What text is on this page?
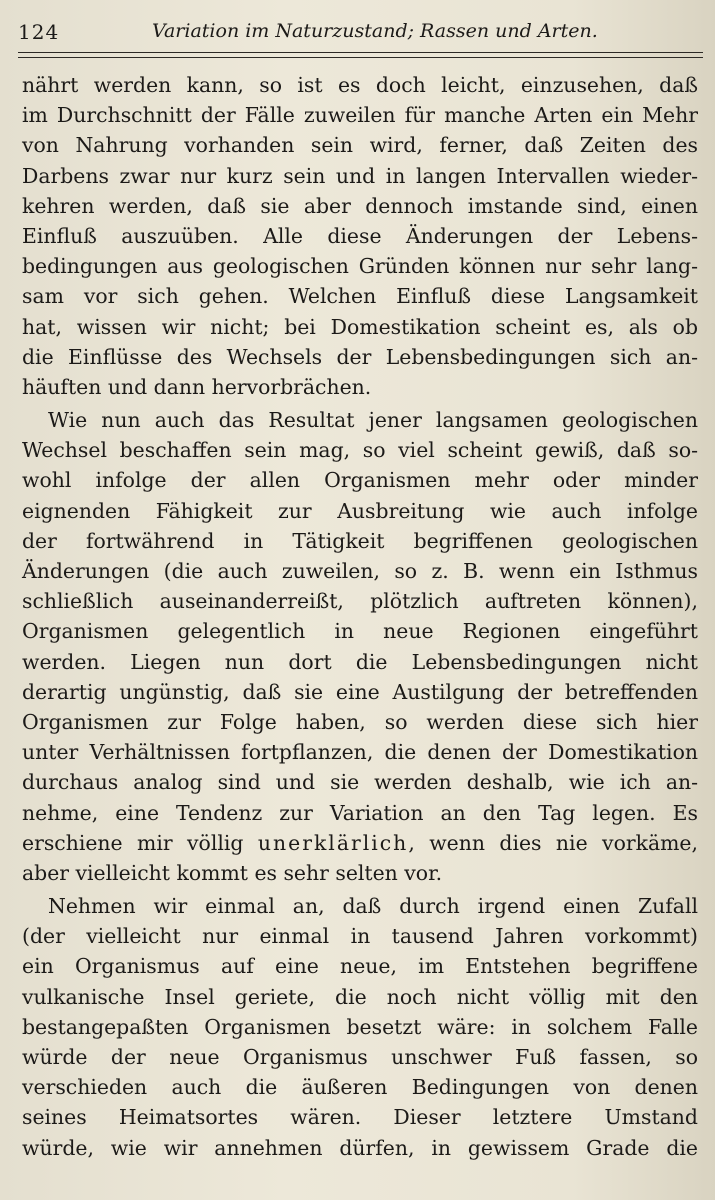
124	Variation im Naturzustand; Rassen und Arten.
nährt werden kann, so ist es doch leicht, einzusehen, daß
im Durchschnitt der Fälle zuweilen für manche Arten ein Mehr
von Nahrung vorhanden sein wird, ferner, daß Zeiten des
Darbens zwar nur kurz sein und in langen Intervallen wieder-
kehren werden, daß sie aber dennoch imstande sind, einen
Einfluß auszuüben. Alle diese Änderungen der Lebens-
bedingungen aus geologischen Gründen können nur sehr lang-
sam vor sich gehen. Welchen Einfluß diese Langsamkeit
hat, wissen wir nicht; bei Domestikation scheint es, als ob
die Einflüsse des Wechsels der Lebensbedingungen sich an-
häuften und dann hervorbrächen.
Wie nun auch das Resultat jener langsamen geologischen
Wechsel beschaffen sein mag, so viel scheint gewiß, daß so-
wohl infolge der allen Organismen mehr oder minder
eignenden Fähigkeit zur Ausbreitung wie auch infolge
der fortwährend in Tätigkeit begriffenen geologischen
Änderungen (die auch zuweilen, so z. B. wenn ein Isthmus
schließlich auseinanderreißt, plötzlich auftreten können),
Organismen gelegentlich in neue Regionen eingeführt
werden. Liegen nun dort die Lebensbedingungen nicht
derartig ungünstig, daß sie eine Austilgung der betreffenden
Organismen zur Folge haben, so werden diese sich hier
unter Verhältnissen fortpflanzen, die denen der Domestikation
durchaus analog sind und sie werden deshalb, wie ich an-
nehme, eine Tendenz zur Variation an den Tag legen. Es
erschiene mir völlig unerklärlich, wenn dies nie vorkäme,
aber vielleicht kommt es sehr selten vor.
Nehmen wir einmal an, daß durch irgend einen Zufall
(der vielleicht nur einmal in tausend Jahren vorkommt)
ein Organismus auf eine neue, im Entstehen begriffene
vulkanische Insel geriete, die noch nicht völlig mit den
bestangepaßten Organismen besetzt wäre: in solchem Falle
würde der neue Organismus unschwer Fuß fassen, so
verschieden auch die äußeren Bedingungen von denen
seines Heimatsortes wären. Dieser letztere Umstand
würde, wie wir annehmen dürfen, in gewissem Grade die
